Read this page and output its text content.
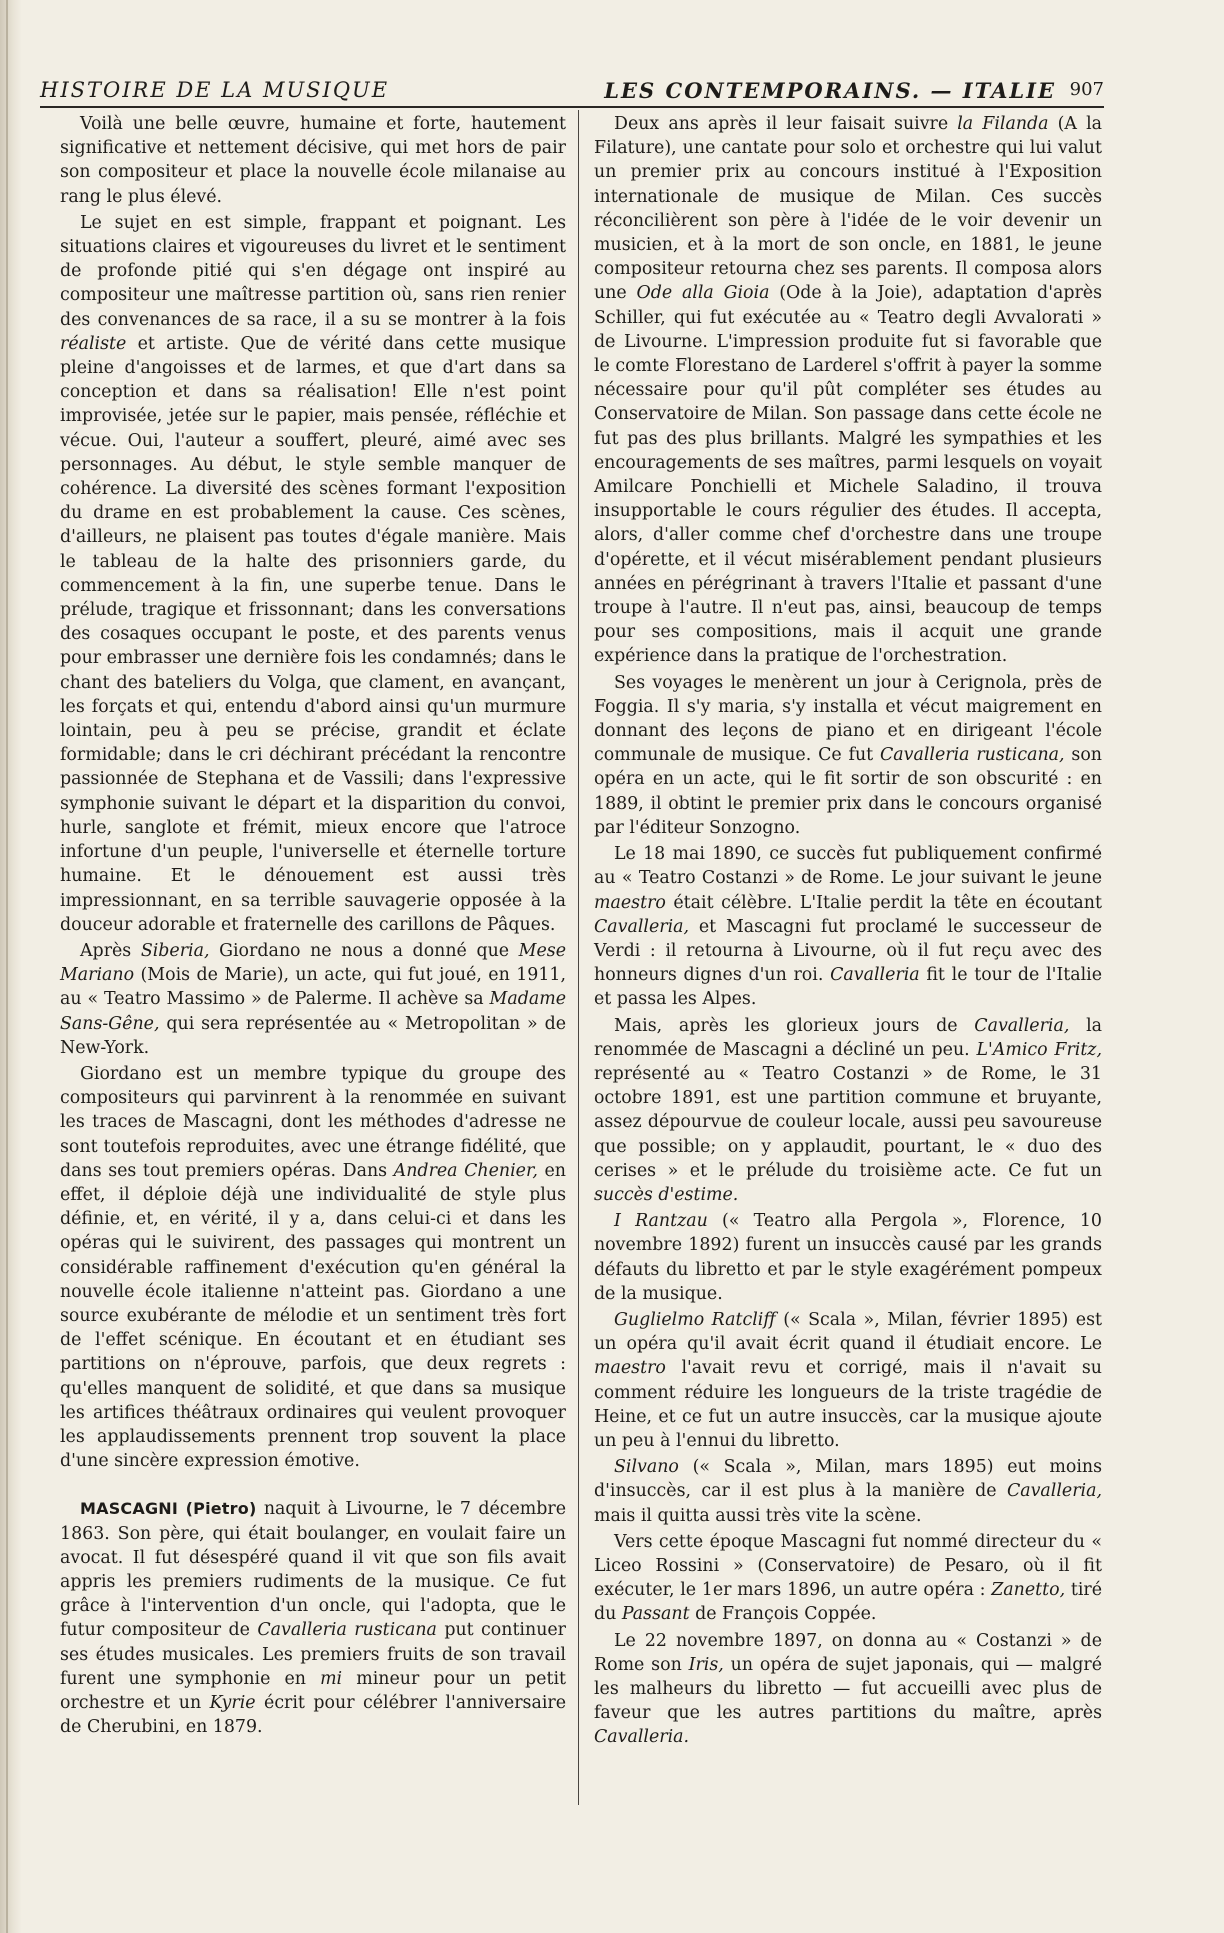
HISTOIRE DE LA MUSIQUE	LES CONTEMPORAINS. — ITALIE 907

Voilà une belle œuvre, humaine et forte, hautement significative et nettement décisive, qui met hors de pair son compositeur et place la nouvelle école milanaise au rang le plus élevé.

Le sujet en est simple, frappant et poignant. Les situations claires et vigoureuses du livret et le sentiment de profonde pitié qui s'en dégage ont inspiré au compositeur une maîtresse partition où, sans rien renier des convenances de sa race, il a su se montrer à la fois réaliste et artiste. Que de vérité dans cette musique pleine d'angoisses et de larmes, et que d'art dans sa conception et dans sa réalisation! Elle n'est point improvisée, jetée sur le papier, mais pensée, réfléchie et vécue. Oui, l'auteur a souffert, pleuré, aimé avec ses personnages. Au début, le style semble manquer de cohérence. La diversité des scènes formant l'exposition du drame en est probablement la cause. Ces scènes, d'ailleurs, ne plaisent pas toutes d'égale manière. Mais le tableau de la halte des prisonniers garde, du commencement à la fin, une superbe tenue. Dans le prélude, tragique et frissonnant; dans les conversations des cosaques occupant le poste, et des parents venus pour embrasser une dernière fois les condamnés; dans le chant des bateliers du Volga, que clament, en avançant, les forçats et qui, entendu d'abord ainsi qu'un murmure lointain, peu à peu se précise, grandit et éclate formidable; dans le cri déchirant précédant la rencontre passionnée de Stephana et de Vassili; dans l'expressive symphonie suivant le départ et la disparition du convoi, hurle, sanglote et frémit, mieux encore que l'atroce infortune d'un peuple, l'universelle et éternelle torture humaine. Et le dénouement est aussi très impressionnant, en sa terrible sauvagerie opposée à la douceur adorable et fraternelle des carillons de Pâques.

Après Siberia, Giordano ne nous a donné que Mese Mariano (Mois de Marie), un acte, qui fut joué, en 1911, au « Teatro Massimo » de Palerme. Il achève sa Madame Sans-Gêne, qui sera représentée au « Metropolitan » de New-York.

Giordano est un membre typique du groupe des compositeurs qui parvinrent à la renommée en suivant les traces de Mascagni, dont les méthodes d'adresse ne sont toutefois reproduites, avec une étrange fidélité, que dans ses tout premiers opéras. Dans Andrea Chenier, en effet, il déploie déjà une individualité de style plus définie, et, en vérité, il y a, dans celui-ci et dans les opéras qui le suivirent, des passages qui montrent un considérable raffinement d'exécution qu'en général la nouvelle école italienne n'atteint pas. Giordano a une source exubérante de mélodie et un sentiment très fort de l'effet scénique. En écoutant et en étudiant ses partitions on n'éprouve, parfois, que deux regrets : qu'elles manquent de solidité, et que dans sa musique les artifices théâtraux ordinaires qui veulent provoquer les applaudissements prennent trop souvent la place d'une sincère expression émotive.

MASCAGNI (Pietro) naquit à Livourne, le 7 décembre 1863. Son père, qui était boulanger, en voulait faire un avocat. Il fut désespéré quand il vit que son fils avait appris les premiers rudiments de la musique. Ce fut grâce à l'intervention d'un oncle, qui l'adopta, que le futur compositeur de Cavalleria rusticana put continuer ses études musicales. Les premiers fruits de son travail furent une symphonie en mi mineur pour un petit orchestre et un Kyrie écrit pour célébrer l'anniversaire de Cherubini, en 1879.

Deux ans après il leur faisait suivre la Filanda (A la Filature), une cantate pour solo et orchestre qui lui valut un premier prix au concours institué à l'Exposition internationale de musique de Milan. Ces succès réconcilièrent son père à l'idée de le voir devenir un musicien, et à la mort de son oncle, en 1881, le jeune compositeur retourna chez ses parents. Il composa alors une Ode alla Gioia (Ode à la Joie), adaptation d'après Schiller, qui fut exécutée au « Teatro degli Avvalorati » de Livourne. L'impression produite fut si favorable que le comte Florestano de Larderel s'offrit à payer la somme nécessaire pour qu'il pût compléter ses études au Conservatoire de Milan. Son passage dans cette école ne fut pas des plus brillants. Malgré les sympathies et les encouragements de ses maîtres, parmi lesquels on voyait Amilcare Ponchielli et Michele Saladino, il trouva insupportable le cours régulier des études. Il accepta, alors, d'aller comme chef d'orchestre dans une troupe d'opérette, et il vécut misérablement pendant plusieurs années en pérégrinant à travers l'Italie et passant d'une troupe à l'autre. Il n'eut pas, ainsi, beaucoup de temps pour ses compositions, mais il acquit une grande expérience dans la pratique de l'orchestration.

Ses voyages le menèrent un jour à Cerignola, près de Foggia. Il s'y maria, s'y installa et vécut maigrement en donnant des leçons de piano et en dirigeant l'école communale de musique. Ce fut Cavalleria rusticana, son opéra en un acte, qui le fit sortir de son obscurité : en 1889, il obtint le premier prix dans le concours organisé par l'éditeur Sonzogno.

Le 18 mai 1890, ce succès fut publiquement confirmé au « Teatro Costanzi » de Rome. Le jour suivant le jeune maestro était célèbre. L'Italie perdit la tête en écoutant Cavalleria, et Mascagni fut proclamé le successeur de Verdi : il retourna à Livourne, où il fut reçu avec des honneurs dignes d'un roi. Cavalleria fit le tour de l'Italie et passa les Alpes.

Mais, après les glorieux jours de Cavalleria, la renommée de Mascagni a décliné un peu. L'Amico Fritz, représenté au « Teatro Costanzi » de Rome, le 31 octobre 1891, est une partition commune et bruyante, assez dépourvue de couleur locale, aussi peu savoureuse que possible; on y applaudit, pourtant, le « duo des cerises » et le prélude du troisième acte. Ce fut un succès d'estime.

I Rantzau (« Teatro alla Pergola », Florence, 10 novembre 1892) furent un insuccès causé par les grands défauts du libretto et par le style exagérément pompeux de la musique.

Guglielmo Ratcliff (« Scala », Milan, février 1895) est un opéra qu'il avait écrit quand il étudiait encore. Le maestro l'avait revu et corrigé, mais il n'avait su comment réduire les longueurs de la triste tragédie de Heine, et ce fut un autre insuccès, car la musique ajoute un peu à l'ennui du libretto.

Silvano (« Scala », Milan, mars 1895) eut moins d'insuccès, car il est plus à la manière de Cavalleria, mais il quitta aussi très vite la scène.

Vers cette époque Mascagni fut nommé directeur du « Liceo Rossini » (Conservatoire) de Pesaro, où il fit exécuter, le 1er mars 1896, un autre opéra : Zanetto, tiré du Passant de François Coppée.

Le 22 novembre 1897, on donna au « Costanzi » de Rome son Iris, un opéra de sujet japonais, qui — malgré les malheurs du libretto — fut accueilli avec plus de faveur que les autres partitions du maître, après Cavalleria.
